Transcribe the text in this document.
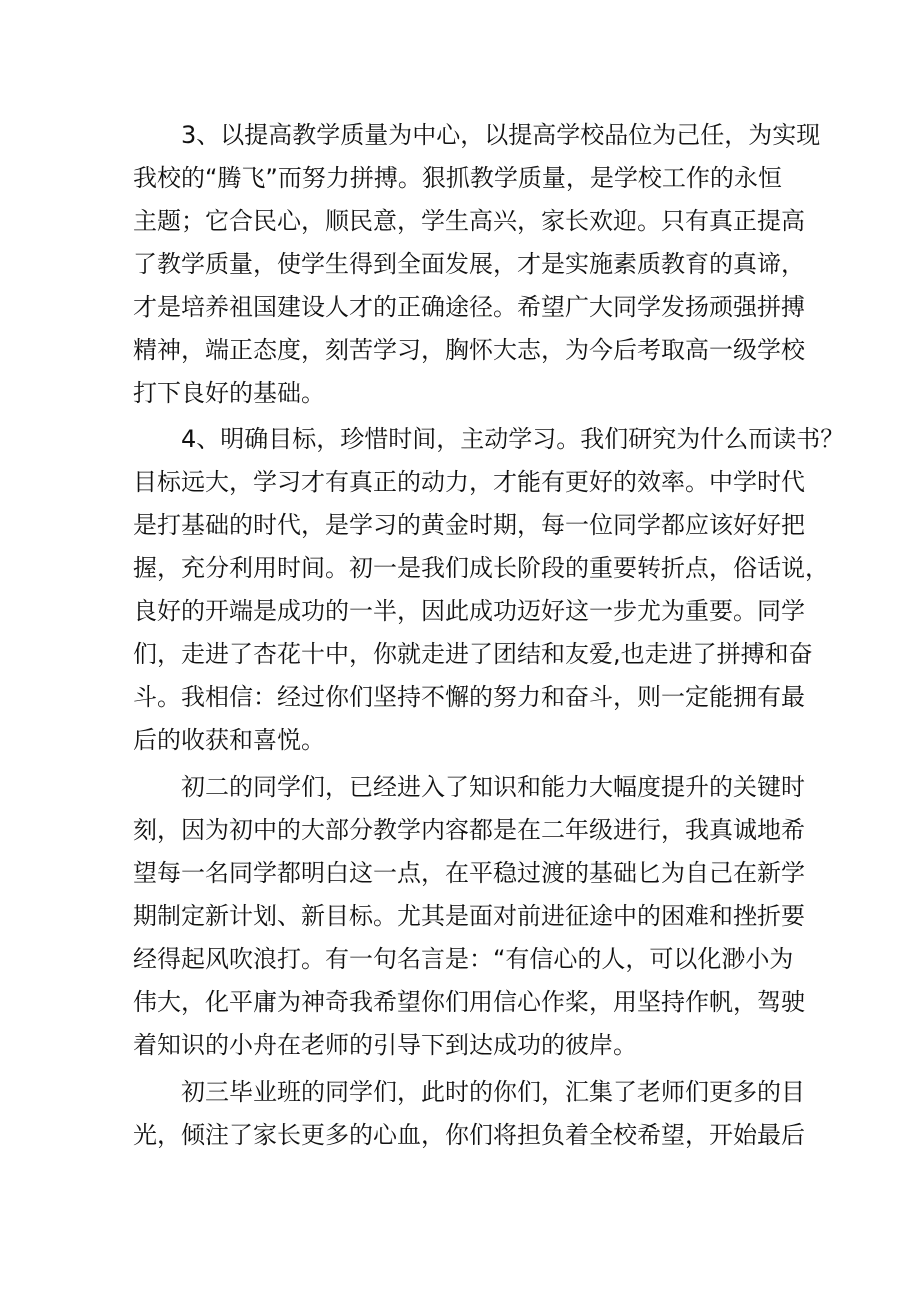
3、以提高教学质量为中心，以提高学校品位为己任，为实现

我校的“腾飞”而努力拼搏。狠抓教学质量，是学校工作的永恒

主题；它合民心，顺民意，学生高兴，家长欢迎。只有真正提高

了教学质量，使学生得到全面发展，才是实施素质教育的真谛，

才是培养祖国建设人才的正确途径。希望广大同学发扬顽强拼搏

精神，端正态度，刻苦学习，胸怀大志，为今后考取高一级学校

打下良好的基础。

4、明确目标，珍惜时间，主动学习。我们研究为什么而读书？

目标远大，学习才有真正的动力，才能有更好的效率。中学时代

是打基础的时代，是学习的黄金时期，每一位同学都应该好好把

握，充分利用时间。初一是我们成长阶段的重要转折点，俗话说，

良好的开端是成功的一半，因此成功迈好这一步尤为重要。同学

们，走进了杏花十中，你就走进了团结和友爱,也走进了拼搏和奋

斗。我相信：经过你们坚持不懈的努力和奋斗，则一定能拥有最

后的收获和喜悦。

初二的同学们，已经进入了知识和能力大幅度提升的关键时

刻，因为初中的大部分教学内容都是在二年级进行，我真诚地希

望每一名同学都明白这一点，在平稳过渡的基础匕为自己在新学

期制定新计划、新目标。尤其是面对前进征途中的困难和挫折要

经得起风吹浪打。有一句名言是：“有信心的人，可以化渺小为

伟大，化平庸为神奇我希望你们用信心作桨，用坚持作帆，驾驶

着知识的小舟在老师的引导下到达成功的彼岸。

初三毕业班的同学们，此时的你们，汇集了老师们更多的目

光，倾注了家长更多的心血，你们将担负着全校希望，开始最后
